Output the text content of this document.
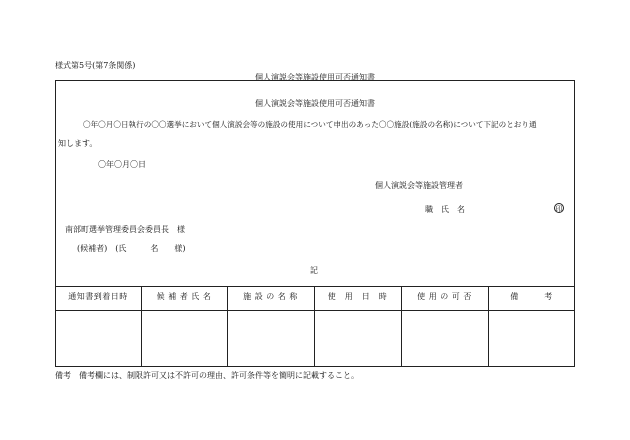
様式第5号(第7条関係)
個人演説会等施設使用可否通知書
個人演説会等施設使用可否通知書
〇年〇月〇日執行の〇〇選挙において個人演説会等の施設の使用について申出のあった〇〇施設(施設の名称)について下記のとおり通
知します。
〇年〇月〇日
個人演説会等施設管理者
職　氏　名	印
南部町選挙管理委員会委員長　様
(候補者)　(氏　　　名　　様)
記
通知書到着日時	候 補 者 氏 名	施 設 の 名 称	使　用　日　時	使 用 の 可 否	備　　　考
備考　備考欄には、制限許可又は不許可の理由、許可条件等を簡明に記載すること。
